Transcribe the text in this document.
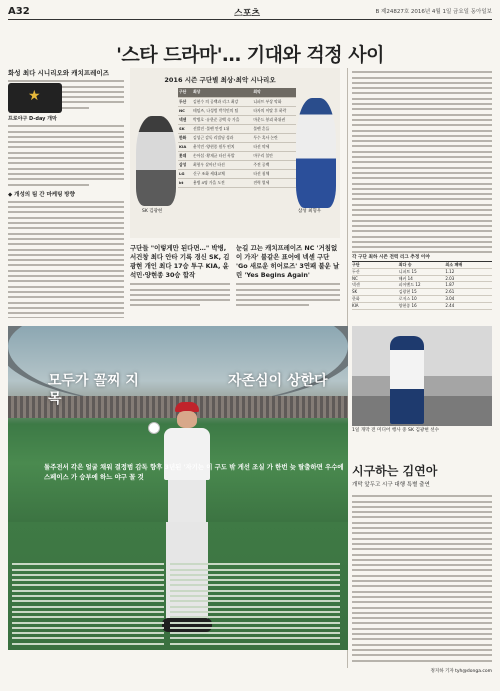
A32	스포츠	B 제24827호 2016년 4월 1일 금요일 동아일보
'스타 드라마'… 기대와 걱정 사이
화성 최다 시니리오와 캐치프레이즈
★
프로야구 D-day 개막
◆ 개성의 팀 간 마케팅 방향
2016 시즌 구단별 최상·최악 시나리오
구단	최상	최악
두산	김현수 의 공백과 리그 최강	니퍼트 부상 악화
NC	테임즈, 나성범 박석민의 팀	타자의 이탈 후 하락
넥센	박병호 ·유한준 공백 속 가을	마운드 붕괴 하위권
SK	선발진 ·불펜 안정 1위	불펜 흔들
한화	김성근 감독 리빌딩 성과	투수 혹사 논란
KIA	윤석민 ·양현종 원투 펀치	타선 약세
롯데	손아섭 ·황재균 타선 폭발	마무리 불안
삼성	최형우 살아난 타선	주전 공백
LG	신구 조화 세대교체	타선 침체
kt	용병 4명 가을 도전	전력 열세
SK 김광현	삼성 최형우
구단들 "이렇게만 된다면…" 박병, 서건창 최다 안타 기록 경신 SK, 김광현 개인 최다 17승 투구 KIA, 윤석민·양현종 30승 합작
눈길 끄는 캐치프레이즈 NC '거침없이 가자' 불같은 표어에 넥센 구단 'Go 새로운 히어로즈' 3연패 불운 날린 'Yes Begins Again'
각 구단 최하 시즌 전력 리그 추정 이야
구단	최다 승	최소 패배
두산	니퍼트 15	1.12
NC	해커 14	2.03
넥센	피어밴드 12	1.87
SK	김광현 15	2.61
한화	로저스 10	3.04
KIA	양현종 16	2.44
모두가 꼴찌 지목
자존심이 상한다
돌주전서 각은 얼굴 채워 결정범 감독 향후 3년된 '자기는 이 구도 밖 게선 조실 가 한번 늦 탈출하면 우수에 스페이스 가 승부에 하느 야구 꼴 것
1일 개막 전 미디어 행사 중 SK 김광현 선수
시구하는 김연아
개막 앞두고 시구 대행 특별 출연
정지하 기자 tyh@donga.com
